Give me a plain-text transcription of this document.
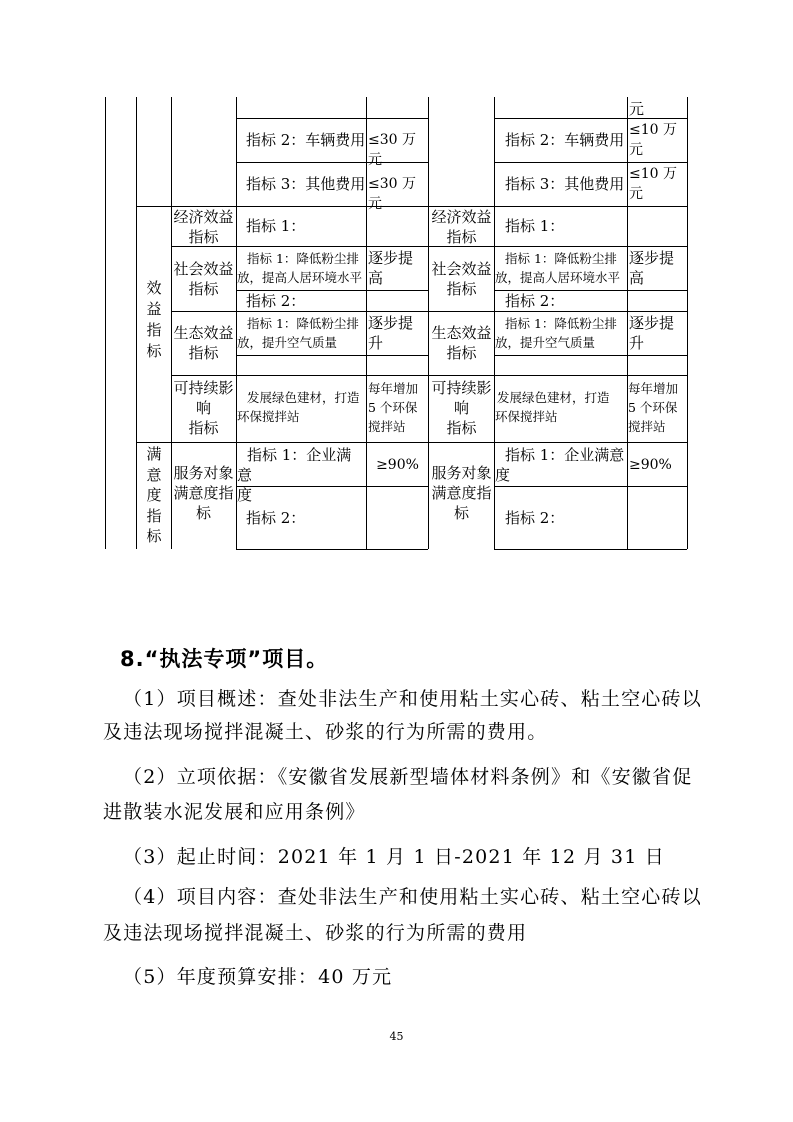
效
益
指
标
满
意
度
指
标
元
指标 2：车辆费用 ≤30 万元
指标 3：其他费用 ≤30 万元
经济效益
指标
指标 1：
社会效益
指标
指标 1：降低粉尘排
放，提高人居环境水平
逐步提
高
指标 2：
生态效益
指标
指标 1：降低粉尘排
放，提升空气质量
逐步提
升
可持续影
响
指标
发展绿色建材，打造
环保搅拌站
每年增加
5 个环保
搅拌站
服务对象
满意度指
标
指标 1：企业满意
度
≥90%
指标 2：
指标 2：车辆费用
≤10 万
元
指标 3：其他费用
≤10 万
元
经济效益
指标
指标 1：
社会效益
指标
指标 1：降低粉尘排
放，提高人居环境水平
逐步提
高
指标 2：
生态效益
指标
指标 1：降低粉尘排
放，提升空气质量
逐步提
升
可持续影
响
指标
发展绿色建材，打造
环保搅拌站
每年增加
5 个环保
搅拌站
服务对象
满意度指
标
指标 1：企业满意
度
≥90%
指标 2：
8.“执法专项”项目。
（1）项目概述：查处非法生产和使用粘土实心砖、粘土空心砖以
及违法现场搅拌混凝土、砂浆的行为所需的费用。
（2）立项依据：《安徽省发展新型墙体材料条例》和《安徽省促
进散装水泥发展和应用条例》
（3）起止时间：2021 年 1 月 1 日-2021 年 12 月 31 日
（4）项目内容：查处非法生产和使用粘土实心砖、粘土空心砖以
及违法现场搅拌混凝土、砂浆的行为所需的费用
（5）年度预算安排：40 万元
45
